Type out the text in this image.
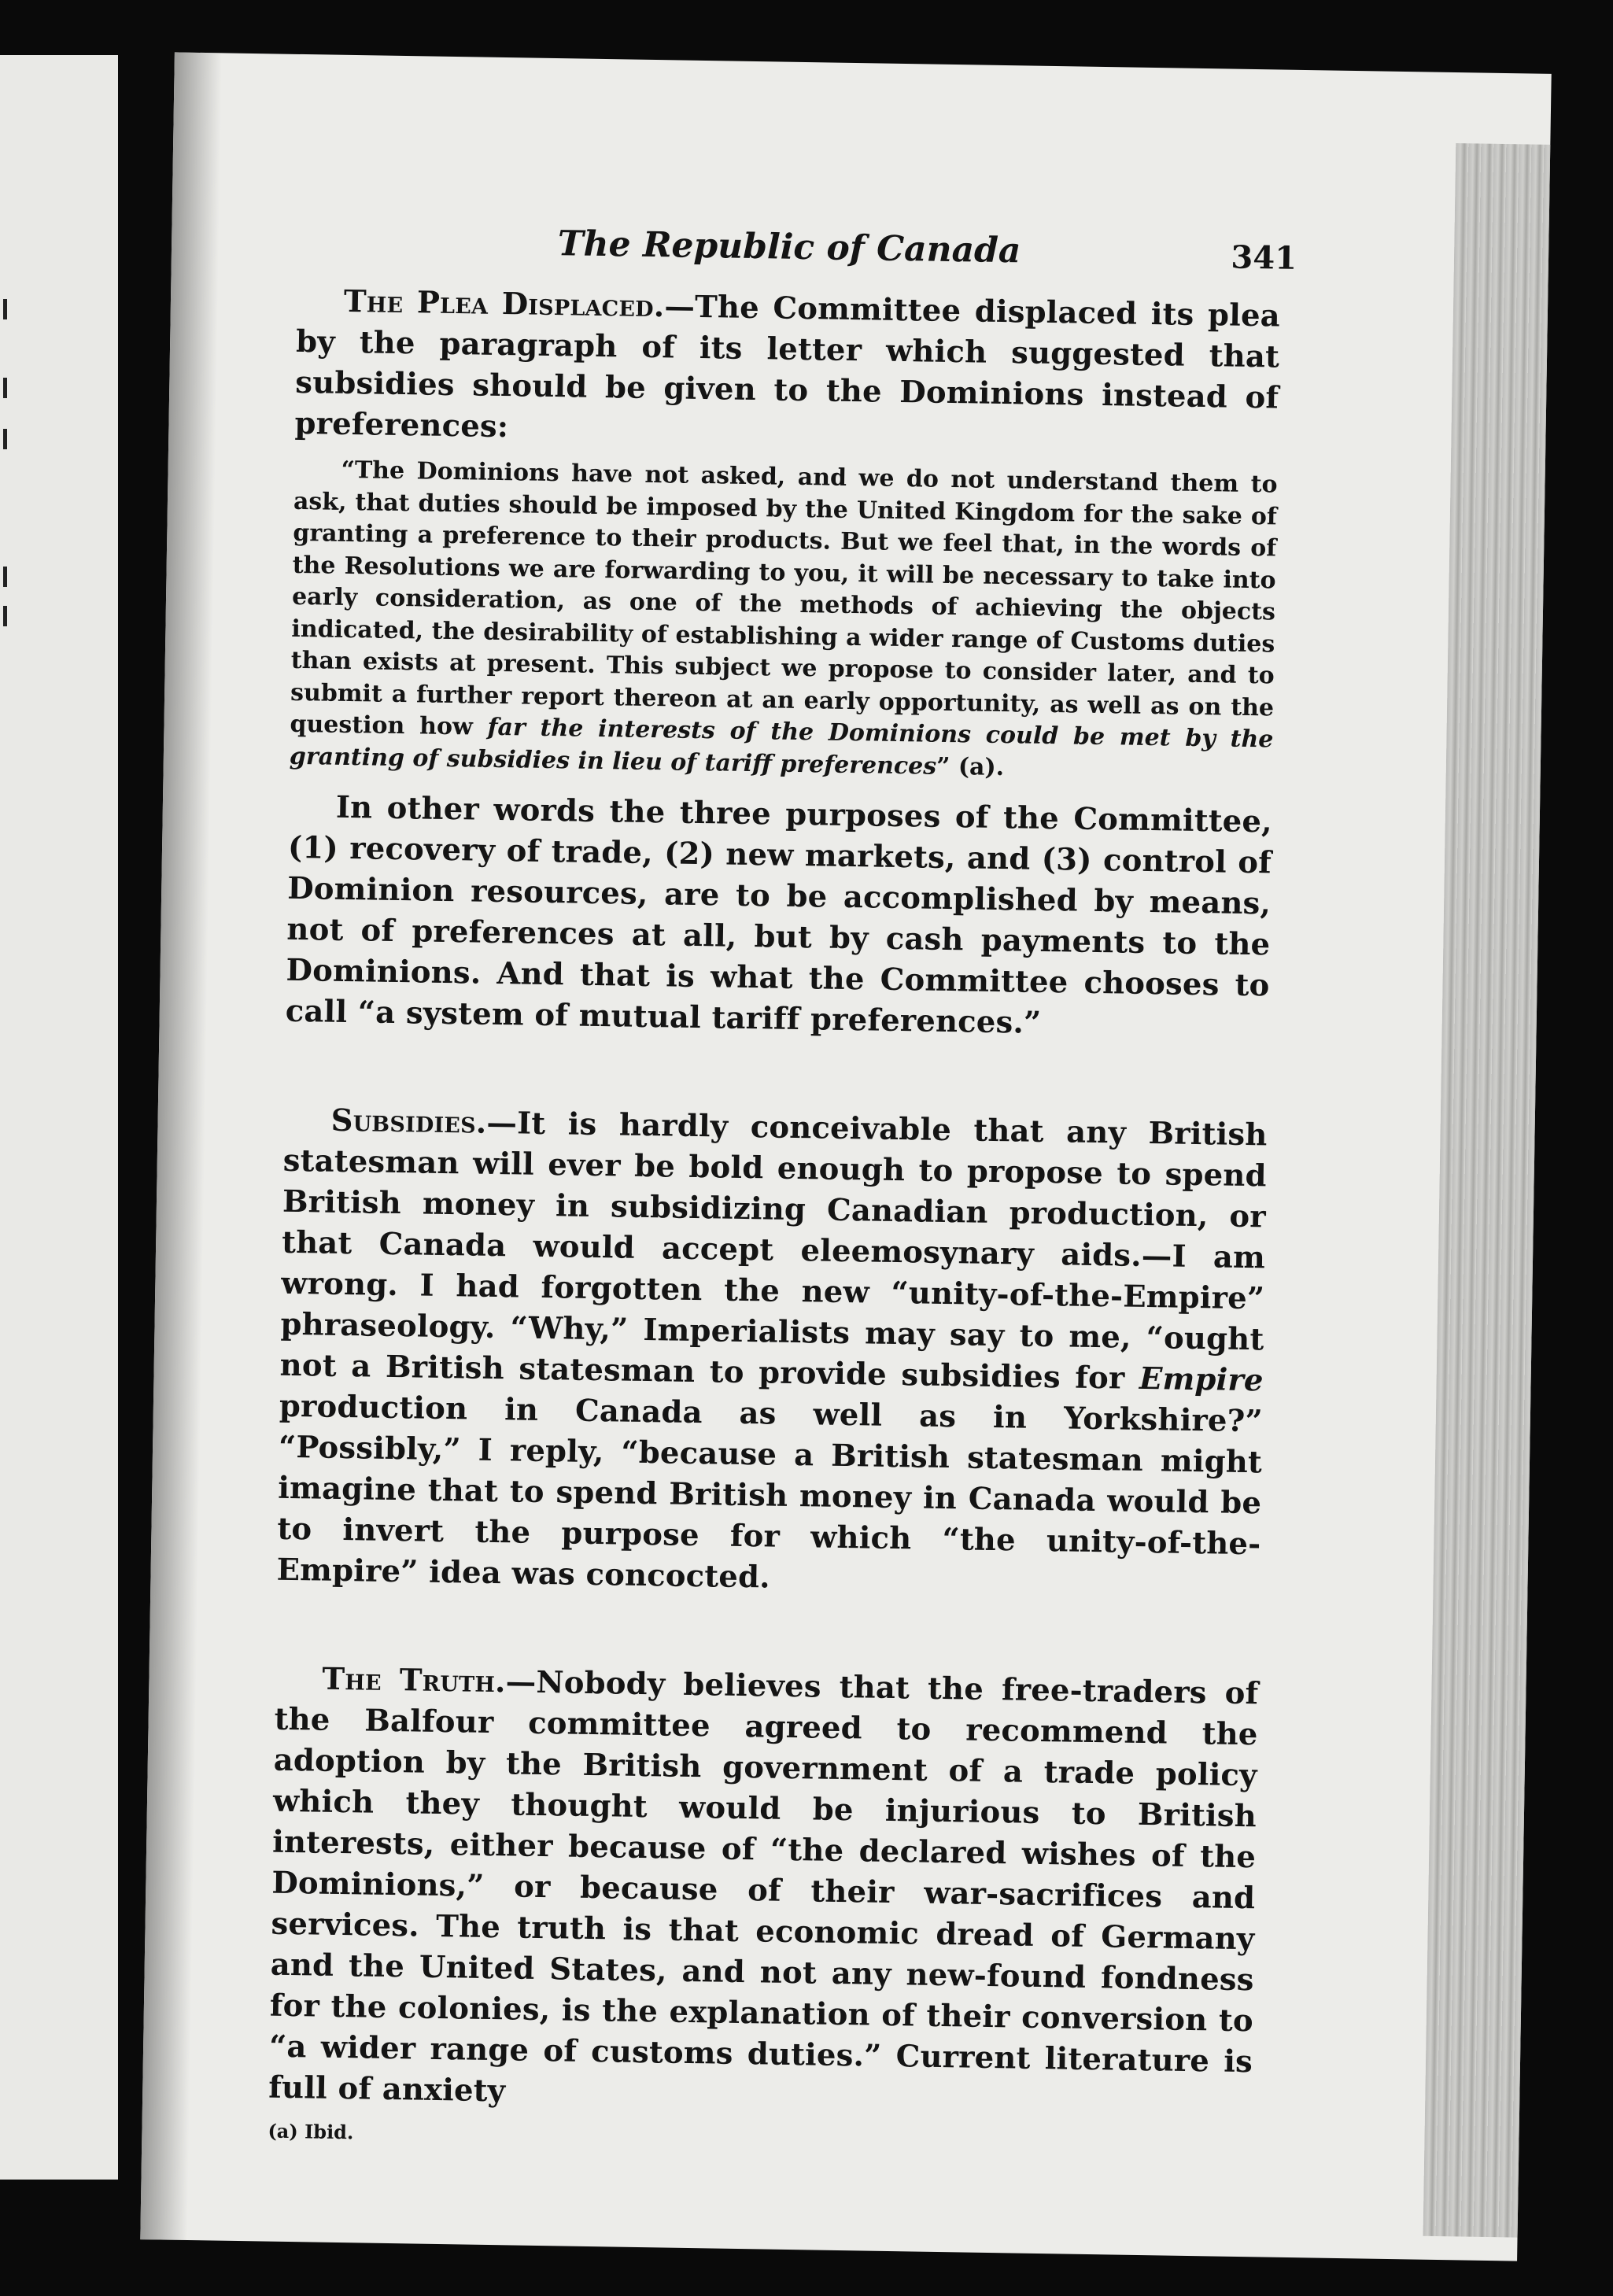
The Republic of Canada	341

The Plea Displaced.—The Committee displaced its plea by the paragraph of its letter which suggested that subsidies should be given to the Dominions instead of preferences:

“The Dominions have not asked, and we do not understand them to ask, that duties should be imposed by the United Kingdom for the sake of granting a preference to their products. But we feel that, in the words of the Resolutions we are forwarding to you, it will be necessary to take into early consideration, as one of the methods of achieving the objects indicated, the desirability of establishing a wider range of Customs duties than exists at present. This subject we propose to consider later, and to submit a further report thereon at an early opportunity, as well as on the question how far the interests of the Dominions could be met by the granting of subsidies in lieu of tariff preferences” (a).

In other words the three purposes of the Committee, (1) recovery of trade, (2) new markets, and (3) control of Dominion resources, are to be accomplished by means, not of preferences at all, but by cash payments to the Dominions. And that is what the Committee chooses to call “a system of mutual tariff preferences.”

Subsidies.—It is hardly conceivable that any British statesman will ever be bold enough to propose to spend British money in subsidizing Canadian production, or that Canada would accept eleemosynary aids.—I am wrong. I had forgotten the new “unity-of-the-Empire” phraseology. “Why,” Imperialists may say to me, “ought not a British statesman to provide subsidies for Empire production in Canada as well as in Yorkshire?” “Possibly,” I reply, “because a British statesman might imagine that to spend British money in Canada would be to invert the purpose for which “the unity-of-the-Empire” idea was concocted.

The Truth.—Nobody believes that the free-traders of the Balfour committee agreed to recommend the adoption by the British government of a trade policy which they thought would be injurious to British interests, either because of “the declared wishes of the Dominions,” or because of their war-sacrifices and services. The truth is that economic dread of Germany and the United States, and not any new-found fondness for the colonies, is the explanation of their conversion to “a wider range of customs duties.” Current literature is full of anxiety

(a) Ibid.
